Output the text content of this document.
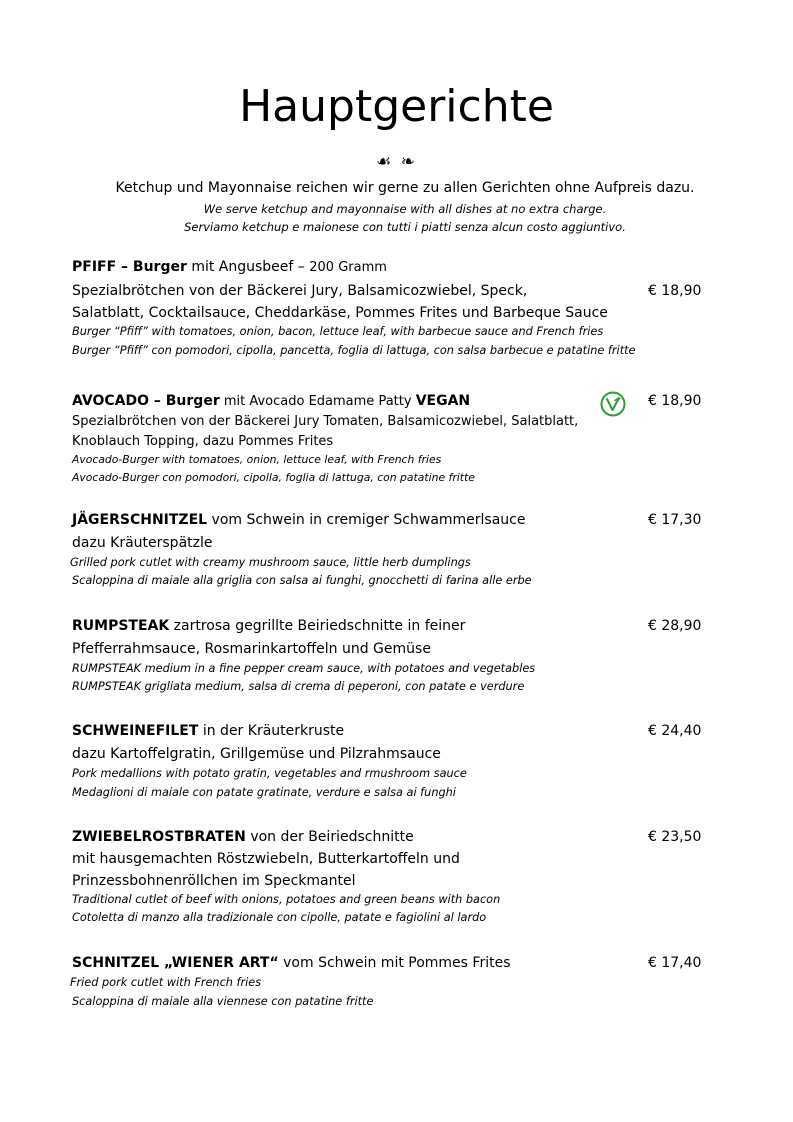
Hauptgerichte
☙ ❧
Ketchup und Mayonnaise reichen wir gerne zu allen Gerichten ohne Aufpreis dazu.
We serve ketchup and mayonnaise with all dishes at no extra charge.
Serviamo ketchup e maionese con tutti i piatti senza alcun costo aggiuntivo.
PFIFF – Burger mit Angusbeef – 200 Gramm
Spezialbrötchen von der Bäckerei Jury, Balsamicozwiebel, Speck,
Salatblatt, Cocktailsauce, Cheddarkäse, Pommes Frites und Barbeque Sauce
Burger “Pfiff” with tomatoes, onion, bacon, lettuce leaf, with barbecue sauce and French fries
Burger “Pfiff” con pomodori, cipolla, pancetta, foglia di lattuga, con salsa barbecue e patatine fritte
€ 18,90
AVOCADO – Burger mit Avocado Edamame Patty VEGAN
Spezialbrötchen von der Bäckerei Jury Tomaten, Balsamicozwiebel, Salatblatt,
Knoblauch Topping, dazu Pommes Frites
Avocado-Burger with tomatoes, onion, lettuce leaf, with French fries
Avocado-Burger con pomodori, cipolla, foglia di lattuga, con patatine fritte
€ 18,90
JÄGERSCHNITZEL vom Schwein in cremiger Schwammerlsauce
dazu Kräuterspätzle
Grilled pork cutlet with creamy mushroom sauce, little herb dumplings
Scaloppina di maiale alla griglia con salsa ai funghi, gnocchetti di farina alle erbe
€ 17,30
RUMPSTEAK zartrosa gegrillte Beiriedschnitte in feiner
Pfefferrahmsauce, Rosmarinkartoffeln und Gemüse
RUMPSTEAK medium in a fine pepper cream sauce, with potatoes and vegetables
RUMPSTEAK grigliata medium, salsa di crema di peperoni, con patate e verdure
€ 28,90
SCHWEINEFILET in der Kräuterkruste
dazu Kartoffelgratin, Grillgemüse und Pilzrahmsauce
Pork medallions with potato gratin, vegetables and rmushroom sauce
Medaglioni di maiale con patate gratinate, verdure e salsa ai funghi
€ 24,40
ZWIEBELROSTBRATEN von der Beiriedschnitte
mit hausgemachten Röstzwiebeln, Butterkartoffeln und
Prinzessbohnenröllchen im Speckmantel
Traditional cutlet of beef with onions, potatoes and green beans with bacon
Cotoletta di manzo alla tradizionale con cipolle, patate e fagiolini al lardo
€ 23,50
SCHNITZEL „WIENER ART“ vom Schwein mit Pommes Frites
Fried pork cutlet with French fries
Scaloppina di maiale alla viennese con patatine fritte
€ 17,40
